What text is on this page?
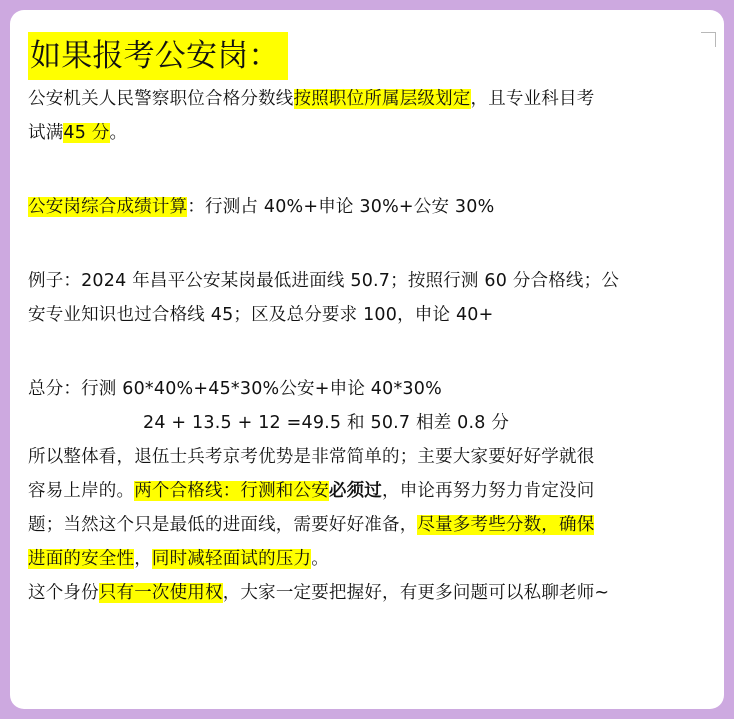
如果报考公安岗：
公安机关人民警察职位合格分数线按照职位所属层级划定，且专业科目考
试满45 分。
公安岗综合成绩计算：行测占 40%+申论 30%+公安 30%
例子：2024 年昌平公安某岗最低进面线 50.7；按照行测 60 分合格线；公
安专业知识也过合格线 45；区及总分要求 100，申论 40+
总分：行测 60*40%+45*30%公安+申论 40*30%
24 + 13.5 + 12 =49.5 和 50.7 相差 0.8 分
所以整体看，退伍士兵考京考优势是非常简单的；主要大家要好好学就很
容易上岸的。两个合格线：行测和公安必须过，申论再努力努力肯定没问
题；当然这个只是最低的进面线，需要好好准备，尽量多考些分数，确保
进面的安全性，同时减轻面试的压力。
这个身份只有一次使用权，大家一定要把握好，有更多问题可以私聊老师~
